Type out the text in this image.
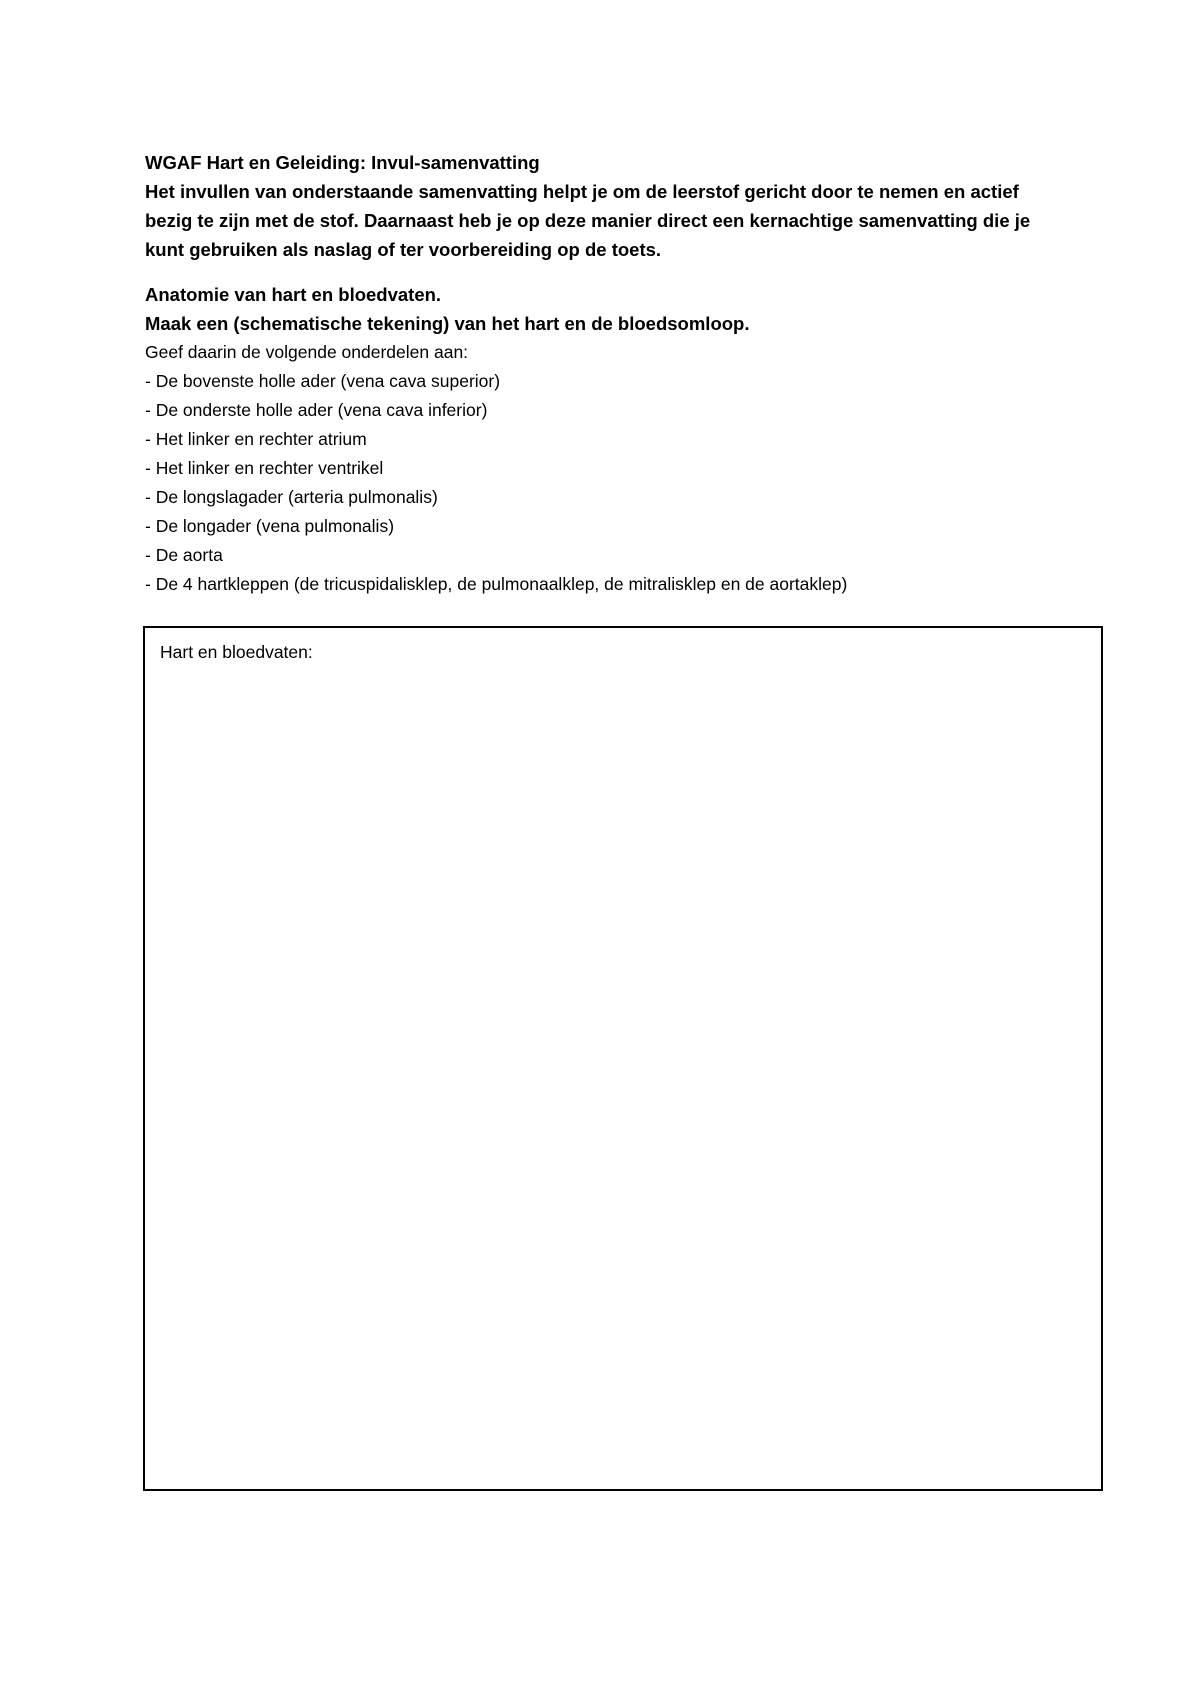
WGAF Hart en Geleiding: Invul-samenvatting

Het invullen van onderstaande samenvatting helpt je om de leerstof gericht door te nemen en actief bezig te zijn met de stof. Daarnaast heb je op deze manier direct een kernachtige samenvatting die je kunt gebruiken als naslag of ter voorbereiding op de toets.

Anatomie van hart en bloedvaten.

Maak een (schematische tekening) van het hart en de bloedsomloop.

Geef daarin de volgende onderdelen aan:

- De bovenste holle ader (vena cava superior)
- De onderste holle ader (vena cava inferior)
- Het linker en rechter atrium
- Het linker en rechter ventrikel
- De longslagader (arteria pulmonalis)
- De longader (vena pulmonalis)
- De aorta
- De 4 hartkleppen (de tricuspidalisklep, de pulmonaalklep, de mitralisklep en de aortaklep)

Hart en bloedvaten:
